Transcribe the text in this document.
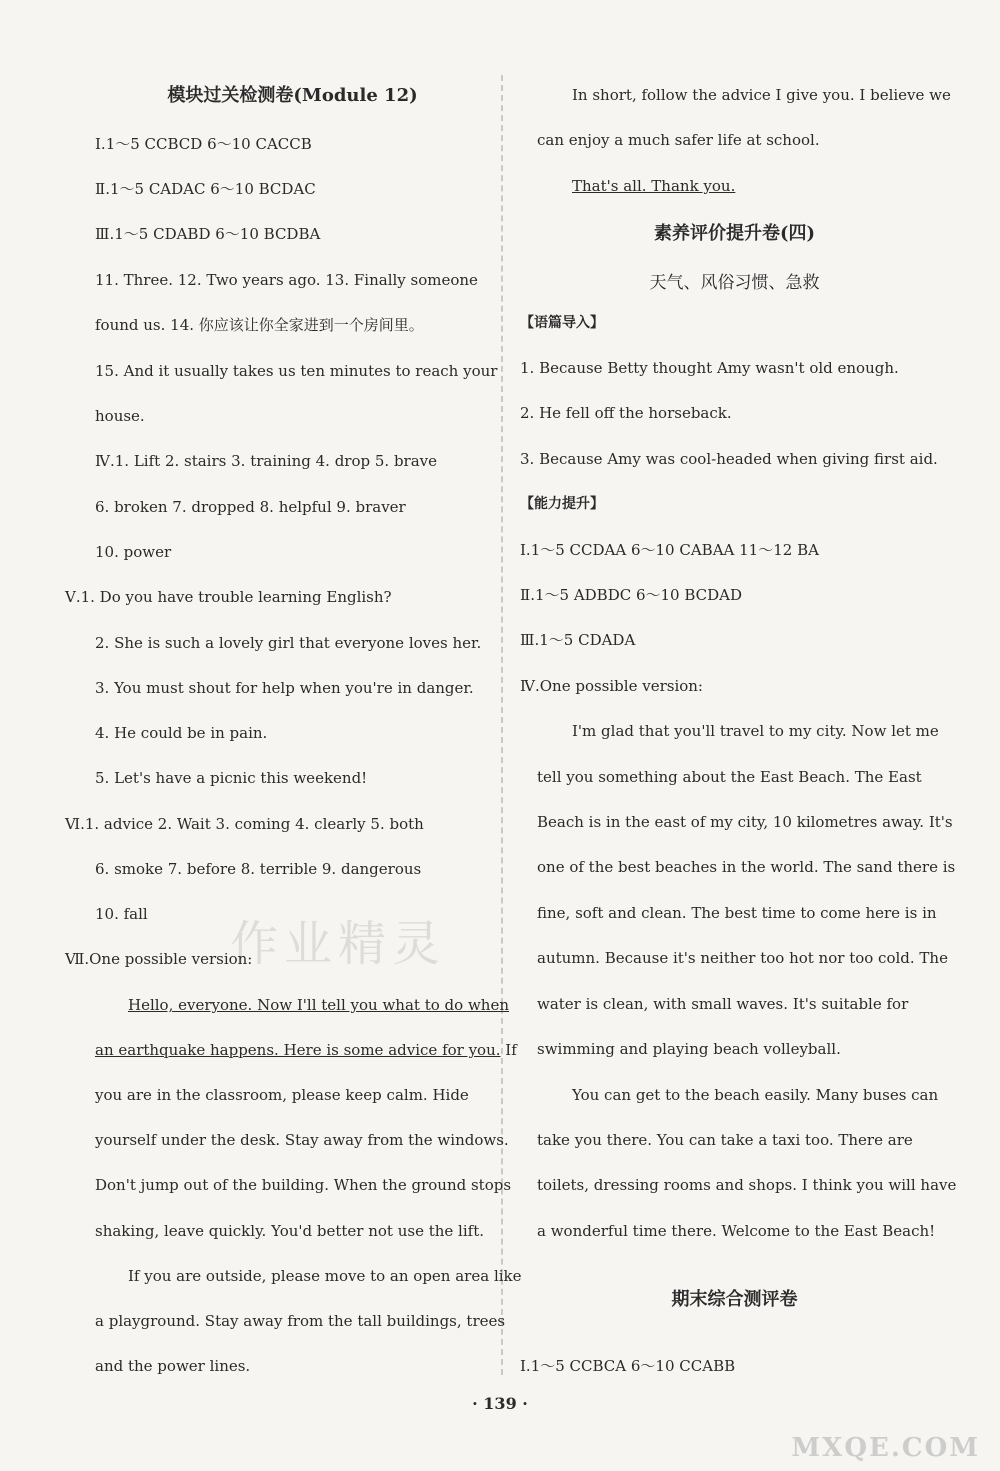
作业精灵
MXQE.COM
模块过关检测卷(Module 12)
Ⅰ.1～5 CCBCD 6～10 CACCB
Ⅱ.1～5 CADAC 6～10 BCDAC
Ⅲ.1～5 CDABD 6～10 BCDBA
11. Three. 12. Two years ago. 13. Finally someone
found us. 14. 你应该让你全家进到一个房间里。
15. And it usually takes us ten minutes to reach your
house.
Ⅳ.1. Lift 2. stairs 3. training 4. drop 5. brave
6. broken 7. dropped 8. helpful 9. braver
10. power
Ⅴ.1. Do you have trouble learning English?
2. She is such a lovely girl that everyone loves her.
3. You must shout for help when you're in danger.
4. He could be in pain.
5. Let's have a picnic this weekend!
Ⅵ.1. advice 2. Wait 3. coming 4. clearly 5. both
6. smoke 7. before 8. terrible 9. dangerous
10. fall
Ⅶ.One possible version:
Hello, everyone. Now I'll tell you what to do when
an earthquake happens. Here is some advice for you. If
you are in the classroom, please keep calm. Hide
yourself under the desk. Stay away from the windows.
Don't jump out of the building. When the ground stops
shaking, leave quickly. You'd better not use the lift.
If you are outside, please move to an open area like
a playground. Stay away from the tall buildings, trees
and the power lines.
In short, follow the advice I give you. I believe we
can enjoy a much safer life at school.
That's all. Thank you.
素养评价提升卷(四)
天气、风俗习惯、急救
【语篇导入】
1. Because Betty thought Amy wasn't old enough.
2. He fell off the horseback.
3. Because Amy was cool-headed when giving first aid.
【能力提升】
Ⅰ.1～5 CCDAA 6～10 CABAA 11～12 BA
Ⅱ.1～5 ADBDC 6～10 BCDAD
Ⅲ.1～5 CDADA
Ⅳ.One possible version:
I'm glad that you'll travel to my city. Now let me
tell you something about the East Beach. The East
Beach is in the east of my city, 10 kilometres away. It's
one of the best beaches in the world. The sand there is
fine, soft and clean. The best time to come here is in
autumn. Because it's neither too hot nor too cold. The
water is clean, with small waves. It's suitable for
swimming and playing beach volleyball.
You can get to the beach easily. Many buses can
take you there. You can take a taxi too. There are
toilets, dressing rooms and shops. I think you will have
a wonderful time there. Welcome to the East Beach!
期末综合测评卷
Ⅰ.1～5 CCBCA 6～10 CCABB
· 139 ·
